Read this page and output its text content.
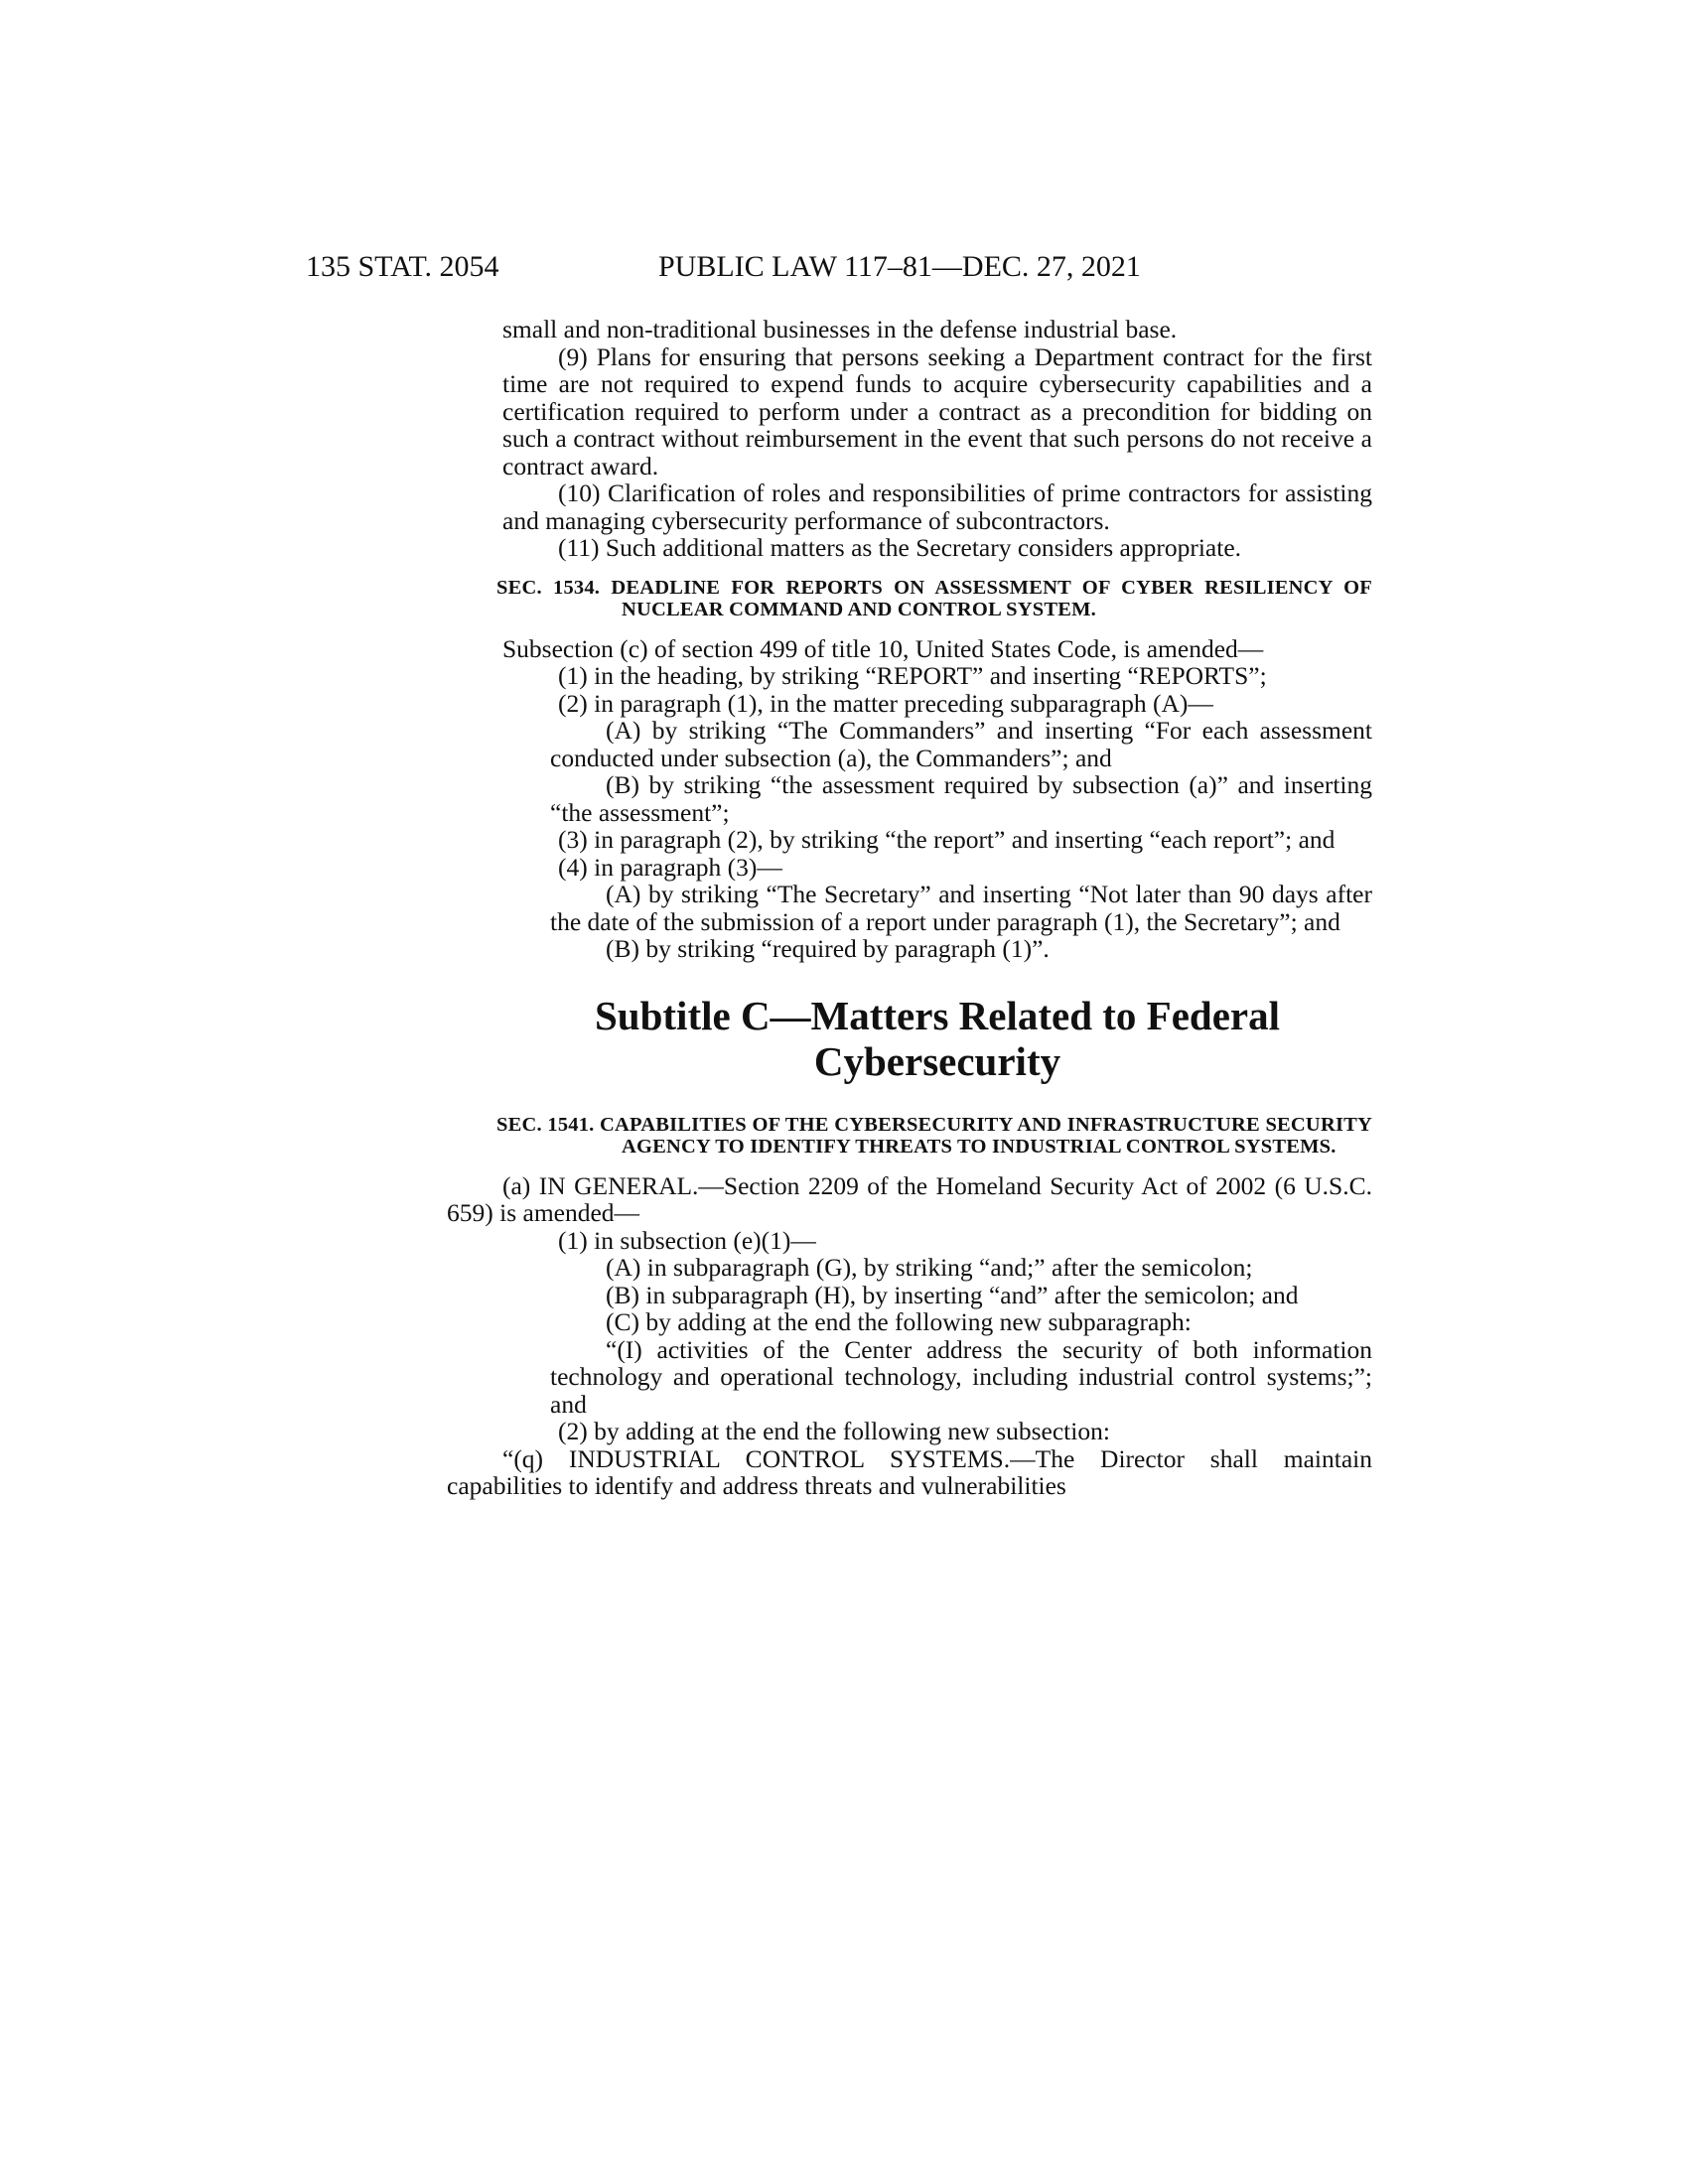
135 STAT. 2054	PUBLIC LAW 117–81—DEC. 27, 2021

small and non-traditional businesses in the defense industrial base.

(9) Plans for ensuring that persons seeking a Department contract for the first time are not required to expend funds to acquire cybersecurity capabilities and a certification required to perform under a contract as a precondition for bidding on such a contract without reimbursement in the event that such persons do not receive a contract award.

(10) Clarification of roles and responsibilities of prime contractors for assisting and managing cybersecurity performance of subcontractors.

(11) Such additional matters as the Secretary considers appropriate.

SEC. 1534. DEADLINE FOR REPORTS ON ASSESSMENT OF CYBER RESILIENCY OF NUCLEAR COMMAND AND CONTROL SYSTEM.

Subsection (c) of section 499 of title 10, United States Code, is amended—

(1) in the heading, by striking “REPORT” and inserting “REPORTS”;

(2) in paragraph (1), in the matter preceding subparagraph (A)—

(A) by striking “The Commanders” and inserting “For each assessment conducted under subsection (a), the Commanders”; and

(B) by striking “the assessment required by subsection (a)” and inserting “the assessment”;

(3) in paragraph (2), by striking “the report” and inserting “each report”; and

(4) in paragraph (3)—

(A) by striking “The Secretary” and inserting “Not later than 90 days after the date of the submission of a report under paragraph (1), the Secretary”; and

(B) by striking “required by paragraph (1)”.

Subtitle C—Matters Related to Federal
Cybersecurity
SEC. 1541. CAPABILITIES OF THE CYBERSECURITY AND INFRASTRUCTURE SECURITY AGENCY TO IDENTIFY THREATS TO INDUSTRIAL CONTROL SYSTEMS.

(a) IN GENERAL.—Section 2209 of the Homeland Security Act of 2002 (6 U.S.C. 659) is amended—

(1) in subsection (e)(1)—

(A) in subparagraph (G), by striking “and;” after the semicolon;

(B) in subparagraph (H), by inserting “and” after the semicolon; and

(C) by adding at the end the following new subparagraph:

“(I) activities of the Center address the security of both information technology and operational technology, including industrial control systems;”; and

(2) by adding at the end the following new subsection:

“(q) INDUSTRIAL CONTROL SYSTEMS.—The Director shall maintain capabilities to identify and address threats and vulnerabilities
